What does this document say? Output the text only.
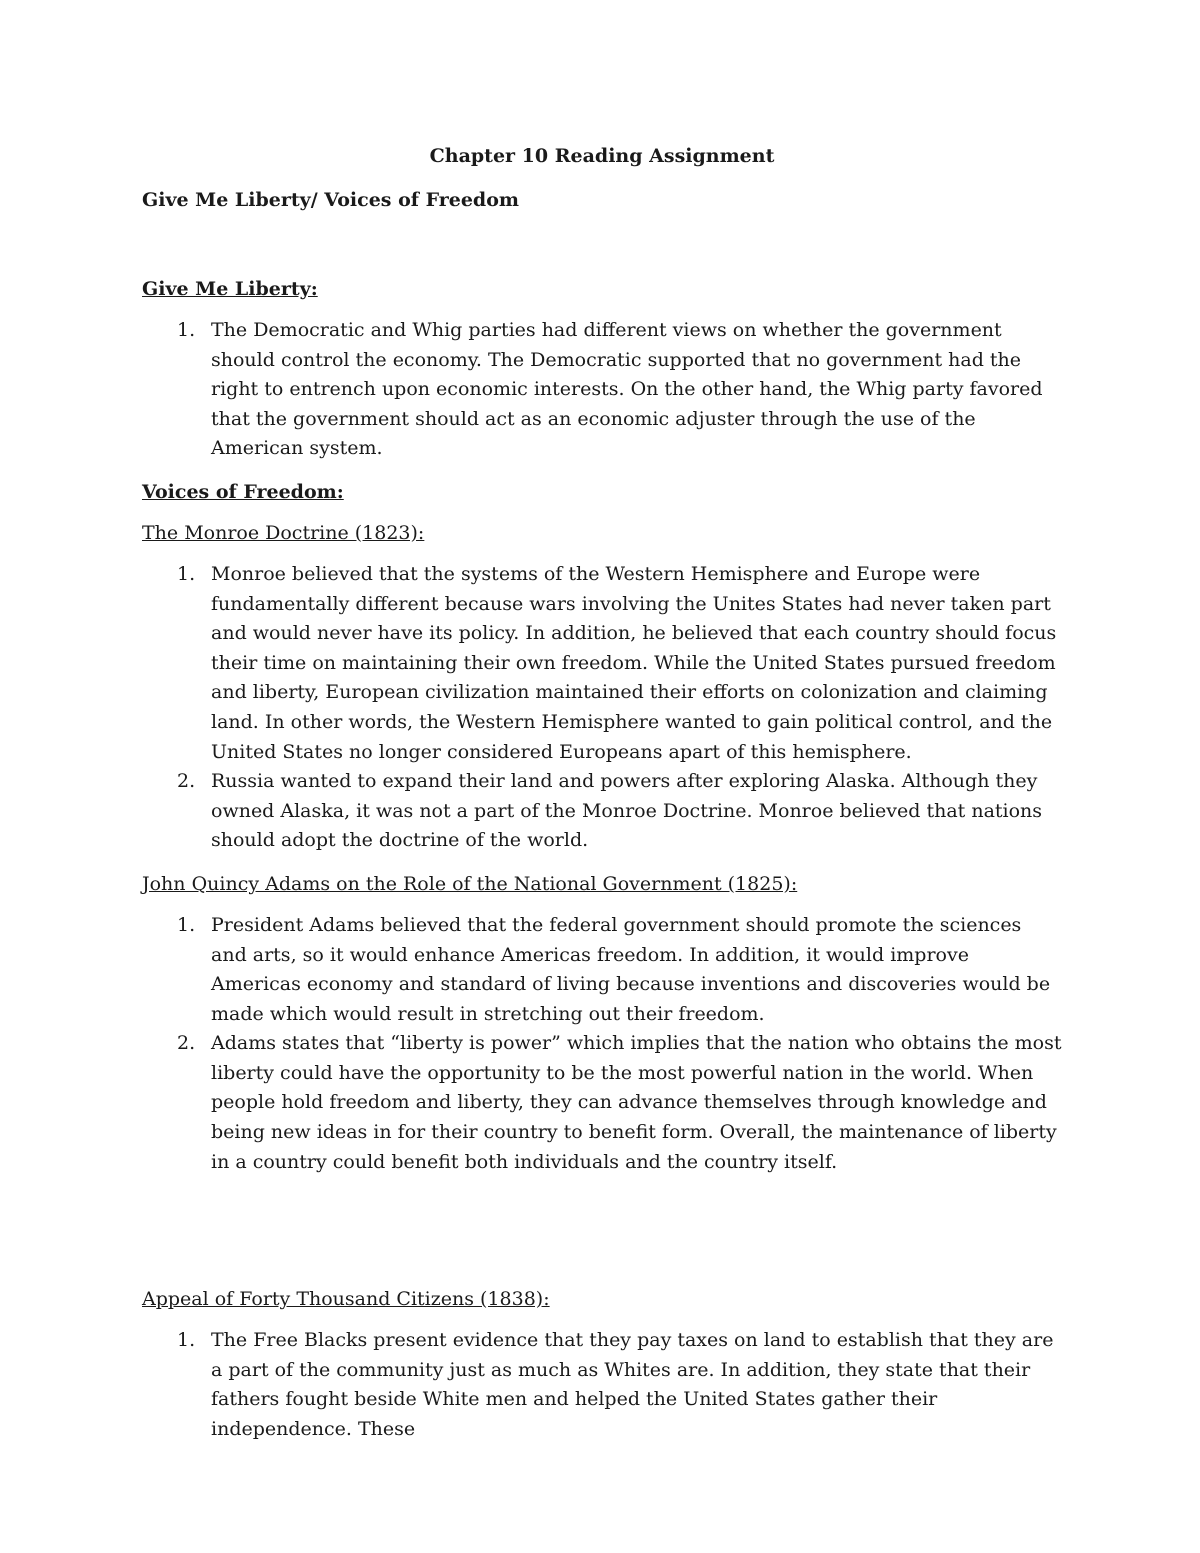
Chapter 10 Reading Assignment
Give Me Liberty/ Voices of Freedom
Give Me Liberty:
1. The Democratic and Whig parties had different views on whether the government should control the economy. The Democratic supported that no government had the right to entrench upon economic interests. On the other hand, the Whig party favored that the government should act as an economic adjuster through the use of the American system.
Voices of Freedom:
The Monroe Doctrine (1823):
1. Monroe believed that the systems of the Western Hemisphere and Europe were fundamentally different because wars involving the Unites States had never taken part and would never have its policy. In addition, he believed that each country should focus their time on maintaining their own freedom. While the United States pursued freedom and liberty, European civilization maintained their efforts on colonization and claiming land. In other words, the Western Hemisphere wanted to gain political control, and the United States no longer considered Europeans apart of this hemisphere.
2. Russia wanted to expand their land and powers after exploring Alaska. Although they owned Alaska, it was not a part of the Monroe Doctrine. Monroe believed that nations should adopt the doctrine of the world.
John Quincy Adams on the Role of the National Government (1825):
1. President Adams believed that the federal government should promote the sciences and arts, so it would enhance Americas freedom. In addition, it would improve Americas economy and standard of living because inventions and discoveries would be made which would result in stretching out their freedom.
2. Adams states that “liberty is power” which implies that the nation who obtains the most liberty could have the opportunity to be the most powerful nation in the world. When people hold freedom and liberty, they can advance themselves through knowledge and being new ideas in for their country to benefit form. Overall, the maintenance of liberty in a country could benefit both individuals and the country itself.
Appeal of Forty Thousand Citizens (1838):
1. The Free Blacks present evidence that they pay taxes on land to establish that they are a part of the community just as much as Whites are. In addition, they state that their fathers fought beside White men and helped the United States gather their independence. These
